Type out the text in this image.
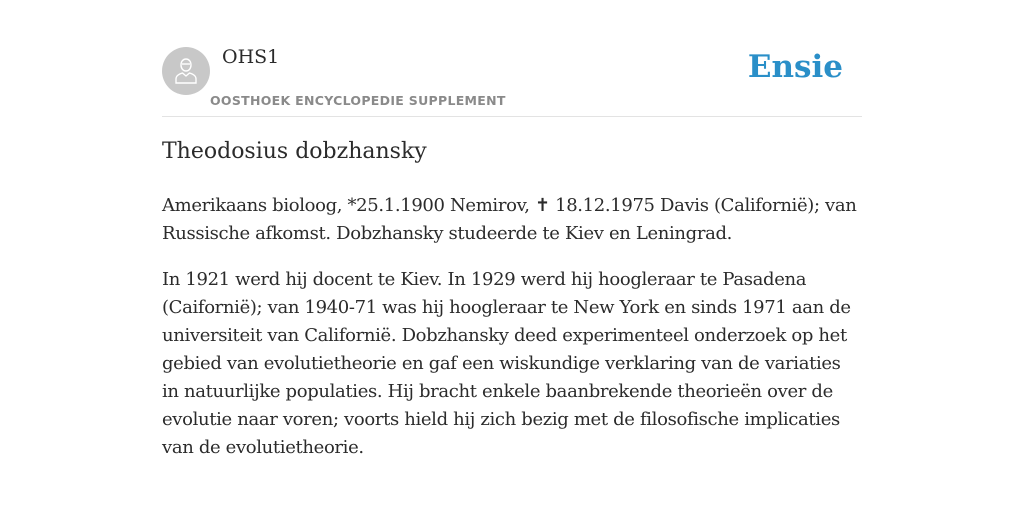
OHS1
OOSTHOEK ENCYCLOPEDIE SUPPLEMENT
Ensie
Theodosius dobzhansky

Amerikaans bioloog, *25.1.1900 Nemirov, ✝ 18.12.1975 Davis (Californië); van Russische afkomst. Dobzhansky studeerde te Kiev en Leningrad.

In 1921 werd hij docent te Kiev. In 1929 werd hij hoogleraar te Pasadena (Caifornië); van 1940-71 was hij hoogleraar te New York en sinds 1971 aan de universiteit van Californië. Dobzhansky deed experimenteel onderzoek op het gebied van evolutietheorie en gaf een wiskundige verklaring van de variaties in natuurlijke populaties. Hij bracht enkele baanbrekende theorieën over de evolutie naar voren; voorts hield hij zich bezig met de filosofische implicaties van de evolutietheorie.
